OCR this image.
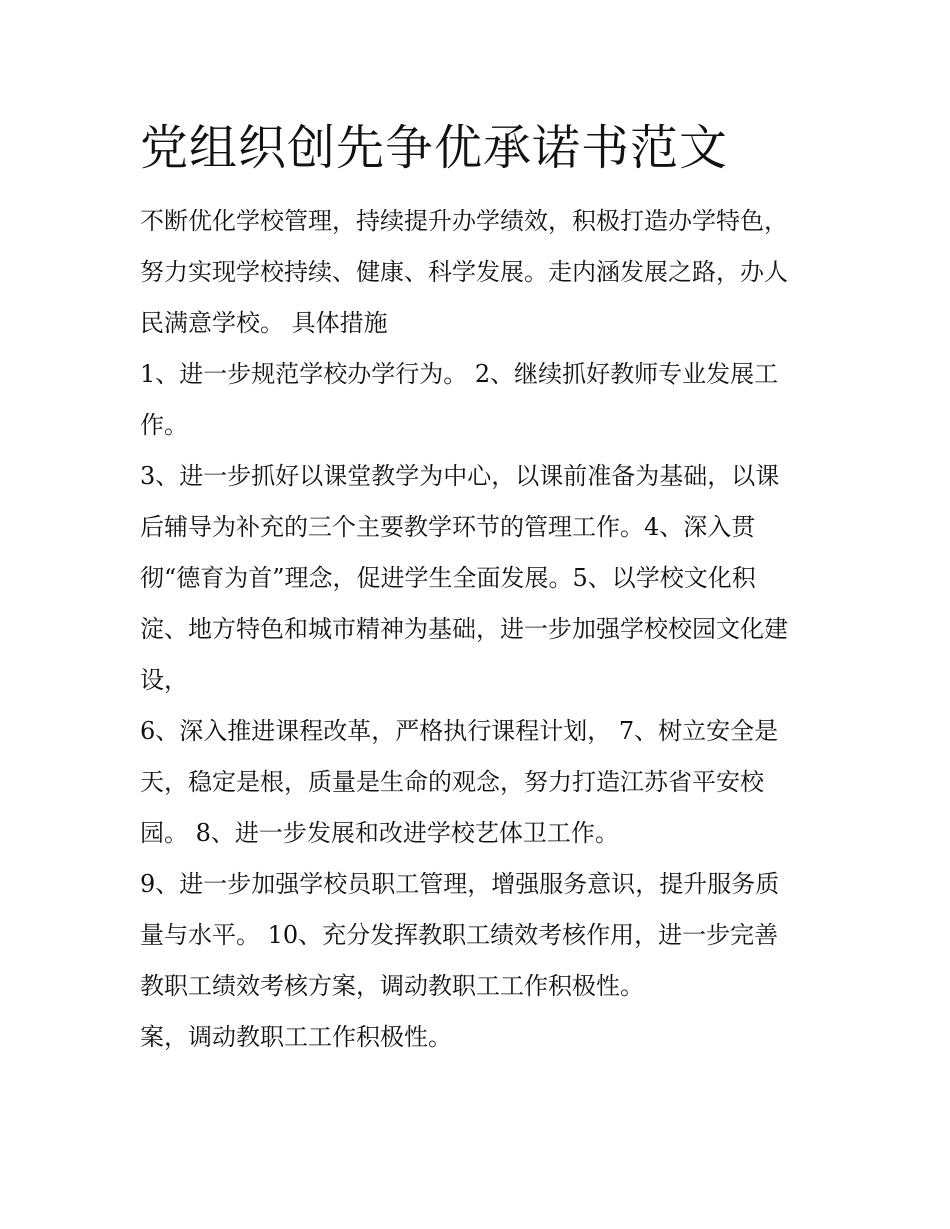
党组织创先争优承诺书范文

不断优化学校管理，持续提升办学绩效，积极打造办学特色，

努力实现学校持续、健康、科学发展。走内涵发展之路，办人

民满意学校。 具体措施

1、进一步规范学校办学行为。 2、继续抓好教师专业发展工

作。

3、进一步抓好以课堂教学为中心，以课前准备为基础，以课

后辅导为补充的三个主要教学环节的管理工作。4、深入贯

彻“德育为首”理念，促进学生全面发展。5、以学校文化积

淀、地方特色和城市精神为基础，进一步加强学校校园文化建

设，

6、深入推进课程改革，严格执行课程计划， 7、树立安全是

天，稳定是根，质量是生命的观念，努力打造江苏省平安校

园。 8、进一步发展和改进学校艺体卫工作。

9、进一步加强学校员职工管理，增强服务意识，提升服务质

量与水平。 10、充分发挥教职工绩效考核作用，进一步完善

教职工绩效考核方案，调动教职工工作积极性。

案，调动教职工工作积极性。
